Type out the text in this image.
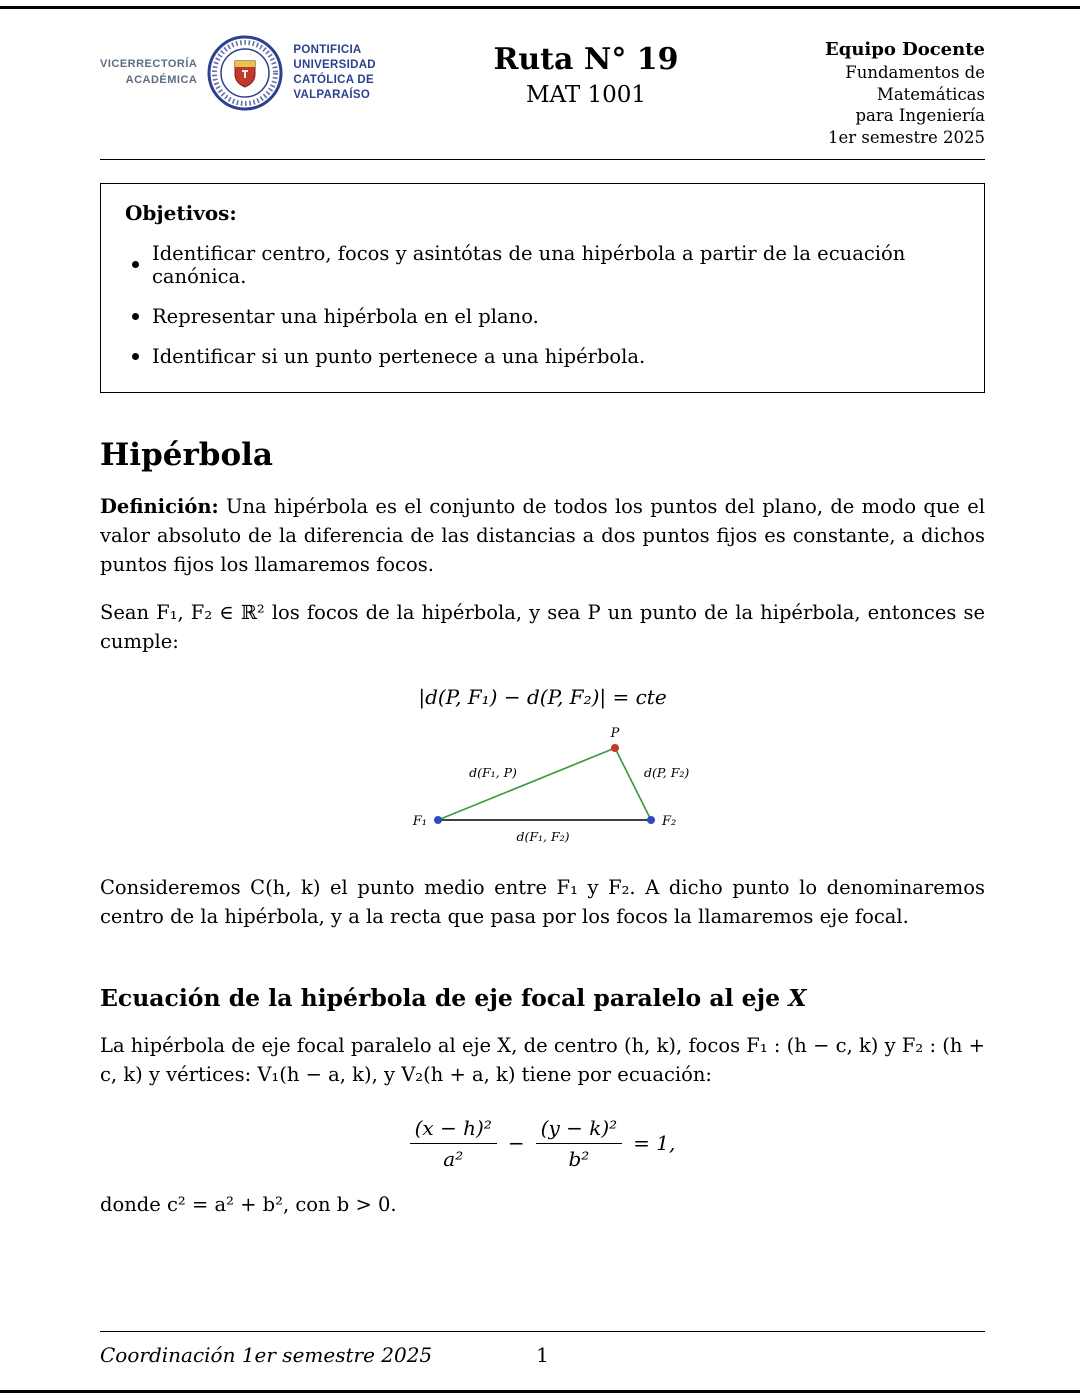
VICERRECTORÍA
ACADÉMICA
PONTIFICIA
UNIVERSIDAD
CATÓLICA DE
VALPARAÍSO
Ruta N° 19
MAT 1001
Equipo Docente
Fundamentos de Matemáticas
para Ingeniería
1er semestre 2025
Objetivos:
Identificar centro, focos y asintótas de una hipérbola a partir de la ecuación canónica.
Representar una hipérbola en el plano.
Identificar si un punto pertenece a una hipérbola.
Hipérbola

Definición: Una hipérbola es el conjunto de todos los puntos del plano, de modo que el valor absoluto de la diferencia de las distancias a dos puntos fijos es constante, a dichos puntos fijos los llamaremos focos.

Sean F₁, F₂ ∈ ℝ² los focos de la hipérbola, y sea P un punto de la hipérbola, entonces se cumple:

|d(P, F₁) − d(P, F₂)| = cte
P
F₁	F₂
d(F₁, P)	d(P, F₂)
d(F₁, F₂)

Consideremos C(h, k) el punto medio entre F₁ y F₂. A dicho punto lo denominaremos centro de la hipérbola, y a la recta que pasa por los focos la llamaremos eje focal.

Ecuación de la hipérbola de eje focal paralelo al eje X

La hipérbola de eje focal paralelo al eje X, de centro (h, k), focos F₁ : (h − c, k) y F₂ : (h + c, k) y vértices: V₁(h − a, k), y V₂(h + a, k) tiene por ecuación:

$\frac{\text{(x − h)²}}{\text{a²}} - \frac{\text{(y − k)²}}{\text{b²}} = 1$,

donde c² = a² + b², con b > 0.

Coordinación 1er semestre 2025	1
